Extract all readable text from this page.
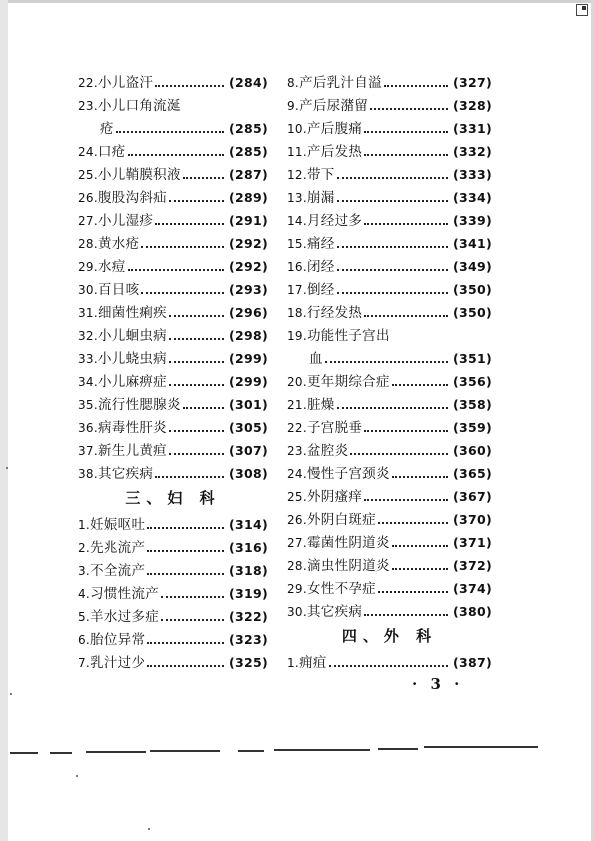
22. 小儿盗汗	(284)
23. 小儿口角流涎
疮	(285)
24. 口疮	(285)
25. 小儿鞘膜积液	(287)
26. 腹股沟斜疝	(289)
27. 小儿湿疹	(291)
28. 黄水疮	(292)
29. 水痘	(292)
30. 百日咳	(293)
31. 细菌性痢疾	(296)
32. 小儿蛔虫病	(298)
33. 小儿蛲虫病	(299)
34. 小儿麻痹症	(299)
35. 流行性腮腺炎	(301)
36. 病毒性肝炎	(305)
37. 新生儿黄疸	(307)
38. 其它疾病	(308)
三、妇 科
1. 妊娠呕吐	(314)
2. 先兆流产	(316)
3. 不全流产	(318)
4. 习惯性流产	(319)
5. 羊水过多症	(322)
6. 胎位异常	(323)
7. 乳汁过少	(325)
8. 产后乳汁自溢	(327)
9. 产后尿潴留	(328)
10. 产后腹痛	(331)
11. 产后发热	(332)
12. 带下	(333)
13. 崩漏	(334)
14. 月经过多	(339)
15. 痛经	(341)
16. 闭经	(349)
17. 倒经	(350)
18. 行经发热	(350)
19. 功能性子宫出
血	(351)
20. 更年期综合症	(356)
21. 脏燥	(358)
22. 子宫脱垂	(359)
23. 盆腔炎	(360)
24. 慢性子宫颈炎	(365)
25. 外阴瘙痒	(367)
26. 外阴白斑症	(370)
27. 霉菌性阴道炎	(371)
28. 滴虫性阴道炎	(372)
29. 女性不孕症	(374)
30. 其它疾病	(380)
四、外 科
1. 痈疽	(387)
· 3 ·
